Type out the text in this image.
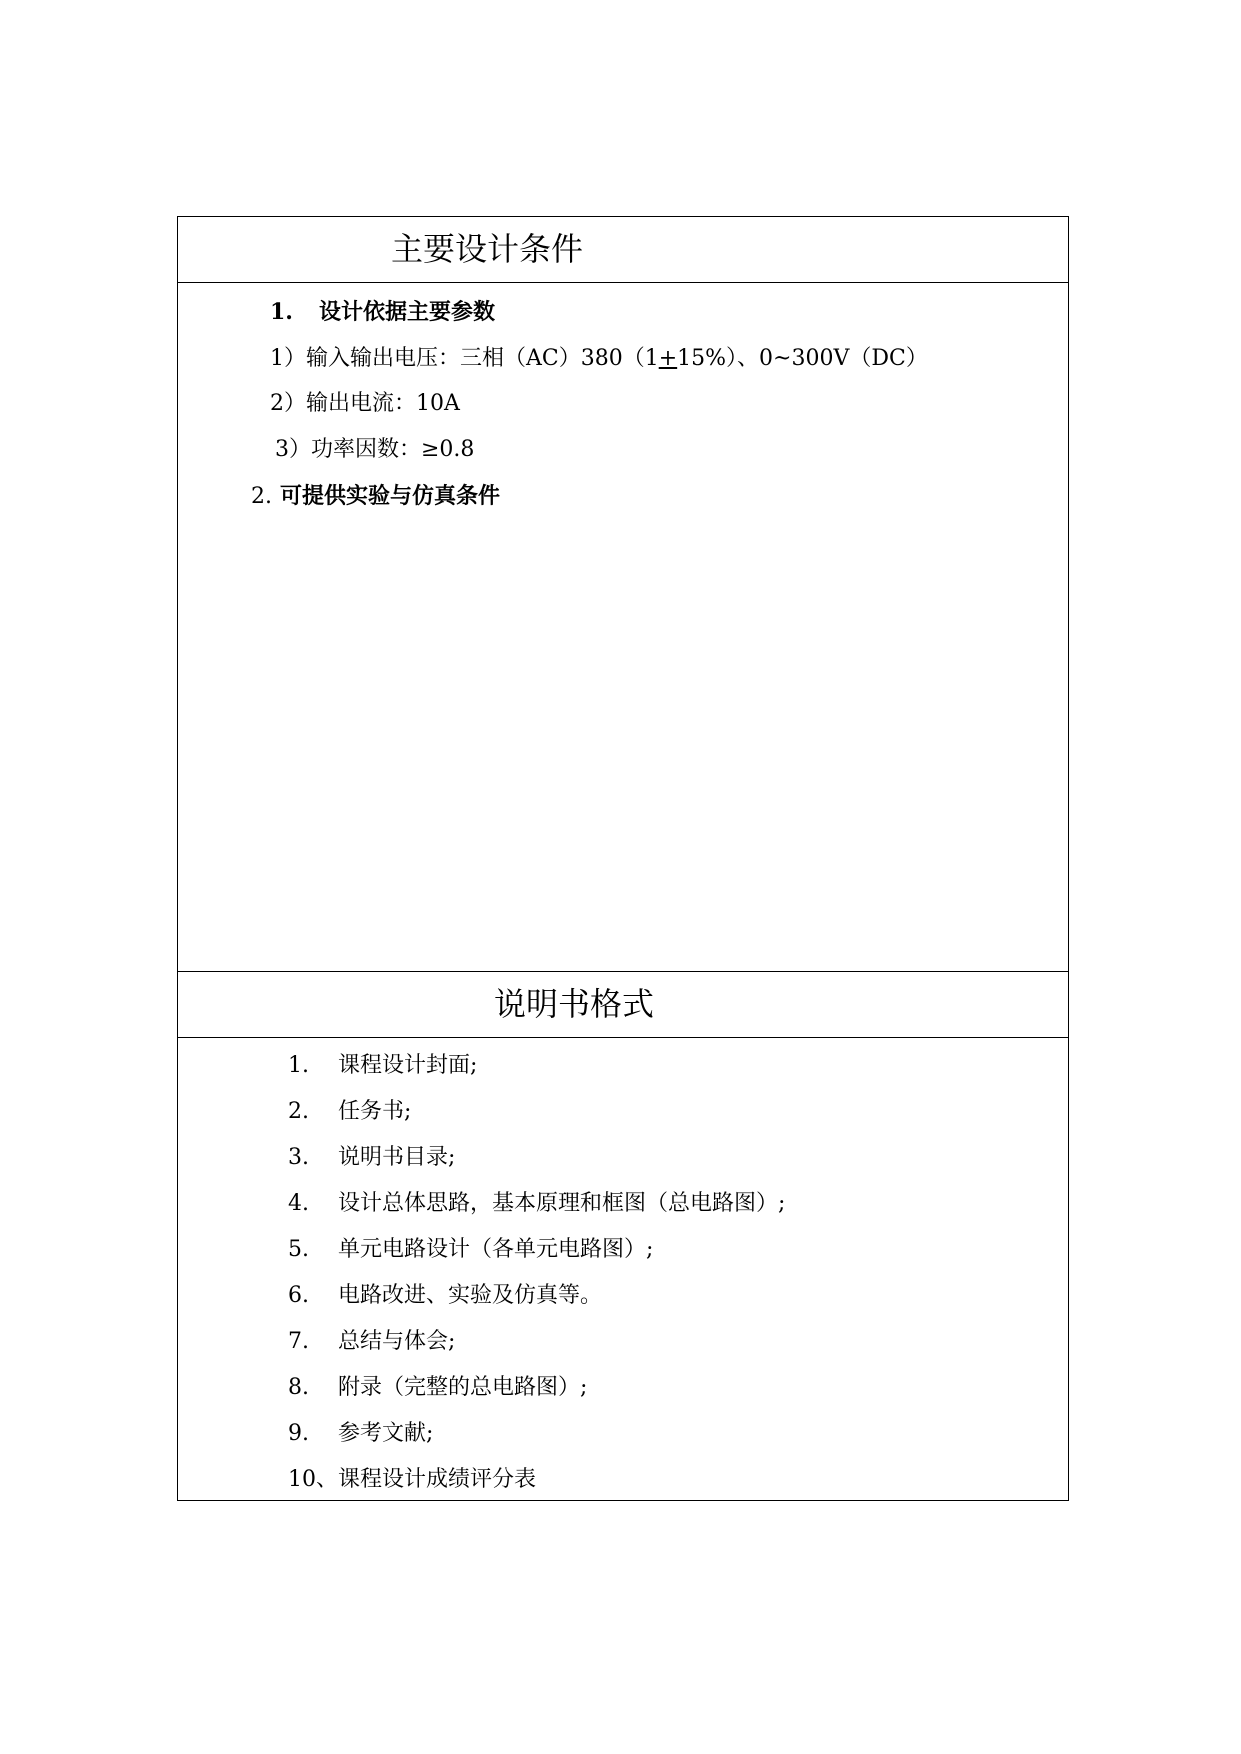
主要设计条件
1. 设计依据主要参数
1）输入输出电压：三相（AC）380（1+15%）、0~300V（DC）
2）输出电流：10A
3）功率因数：≥0.8
2. 可提供实验与仿真条件
说明书格式
1. 课程设计封面;
2. 任务书;
3. 说明书目录;
4. 设计总体思路，基本原理和框图（总电路图）;
5. 单元电路设计（各单元电路图）;
6. 电路改进、实验及仿真等。
7. 总结与体会;
8. 附录（完整的总电路图）;
9. 参考文献;
10、课程设计成绩评分表
